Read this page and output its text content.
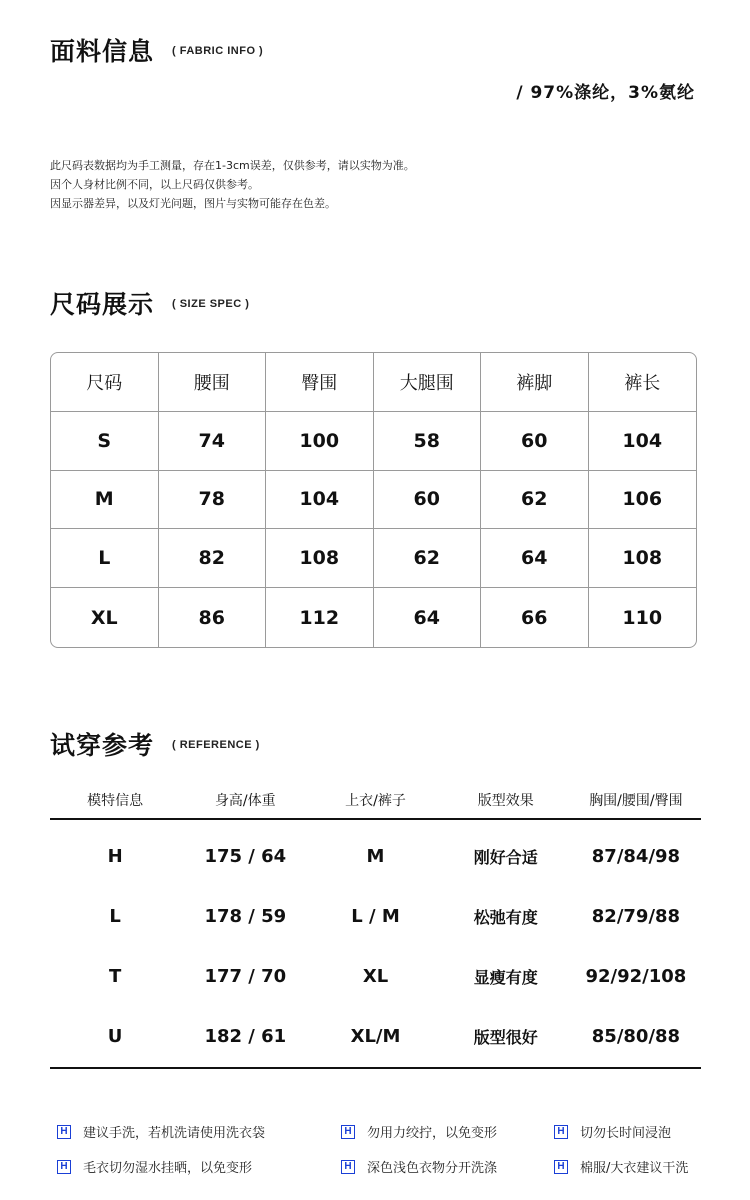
面料信息 ( FABRIC INFO )
/ 97%涤纶，3%氨纶
此尺码表数据均为手工测量，存在1-3cm误差，仅供参考，请以实物为准。
因个人身材比例不同，以上尺码仅供参考。
因显示器差异，以及灯光问题，图片与实物可能存在色差。
尺码展示 ( SIZE SPEC )
尺码	腰围	臀围	大腿围	裤脚	裤长
S	74	100	58	60	104
M	78	104	60	62	106
L	82	108	62	64	108
XL	86	112	64	66	110
试穿参考 ( REFERENCE )
模特信息	身高/体重	上衣/裤子	版型效果	胸围/腰围/臀围
H	175 / 64	M	刚好合适	87/84/98
L	178 / 59	L / M	松弛有度	82/79/88
T	177 / 70	XL	显瘦有度	92/92/108
U	182 / 61	XL/M	版型很好	85/80/88
H 建议手洗，若机洗请使用洗衣袋	H 勿用力绞拧，以免变形	H 切勿长时间浸泡
H 毛衣切勿湿水挂晒，以免变形	H 深色浅色衣物分开洗涤	H 棉服/大衣建议干洗
